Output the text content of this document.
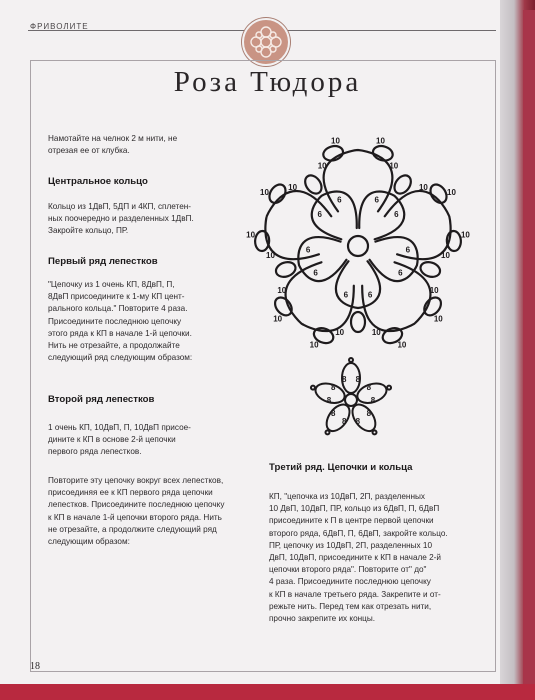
ФРИВОЛИТЕ
Роза Тюдора
Намотайте на челнок 2 м нити, не
отрезая ее от клубка.
Центральное кольцо
Кольцо из 1ДвП, 5ДП и 4КП, сплетен-
ных поочередно и разделенных 1ДвП.
Закройте кольцо, ПР.
Первый ряд лепестков
"Цепочку из 1 очень КП, 8ДвП, П,
8ДвП присоедините к 1-му КП цент-
рального кольца." Повторите 4 раза.
Присоедините последнюю цепочку
этого ряда к КП в начале 1-й цепочки.
Нить не отрезайте, а продолжайте
следующий ряд следующим образом:
Второй ряд лепестков
1 очень КП, 10ДвП, П, 10ДвП присое-
дините к КП в основе 2-й цепочки
первого ряда лепестков.
Повторите эту цепочку вокруг всех лепестков,
присоединяя ее к КП первого ряда цепочки
лепестков. Присоедините последнюю цепочку
к КП в начале 1-й цепочки второго ряда. Нить
не отрезайте, а продолжите следующий ряд
следующим образом:
Третий ряд. Цепочки и кольца
КП, "цепочка из 10ДвП, 2П, разделенных
10 ДвП, 10ДвП, ПР, кольцо из 6ДвП, П, 6ДвП
присоедините к П в центре первой цепочки
второго ряда, 6ДвП, П, 6ДвП, закройте кольцо.
ПР, цепочку из 10ДвП, 2П, разделенных 10
ДвП, 10ДвП, присоедините к КП в начале 2-й
цепочки второго ряда". Повторите от" до"
4 раза. Присоедините последнюю цепочку
к КП в начале третьего ряда. Закрепите и от-
режьте нить. Перед тем как отрезать нити,
прочно закрепите их концы.
10	10
10	10
10
10
10
10
10
10
10
10
10
10
10
10
10
10
10
10
6
6
6
6
6
6
6
6
6
6
8 8
8
8
8
8
8
8
8
8
18
